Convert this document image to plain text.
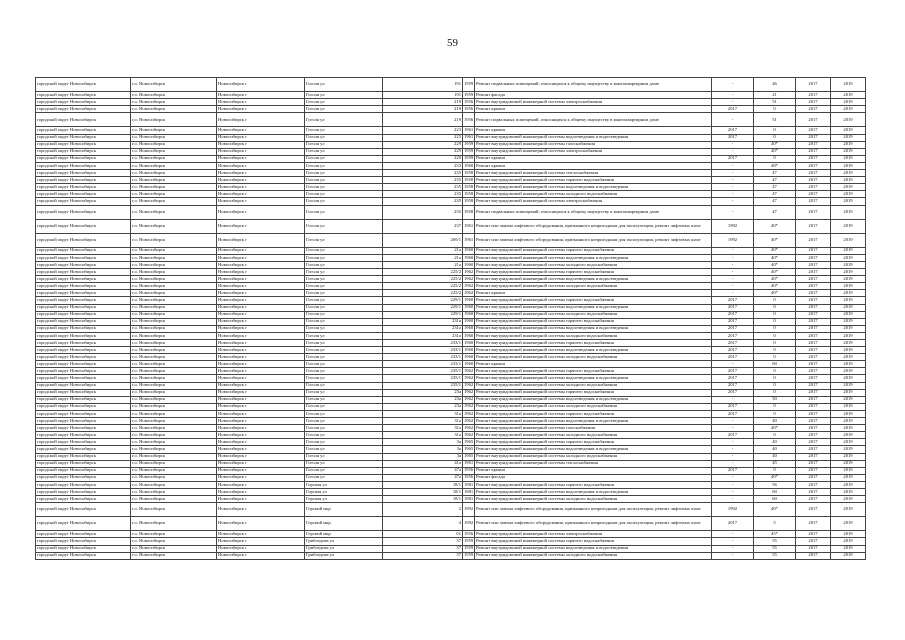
59
городской округ Новосибирск	г.о. Новосибирск	Новосибирск г	Гоголя ул	191	1959	Ремонт подвальных помещений, относящихся к общему имуществу в многоквартирном доме	-	46	2017	2019
городской округ Новосибирск	г.о. Новосибирск	Новосибирск г	Гоголя ул	191	1959	Ремонт фасада	-	21	2017	2019
городской округ Новосибирск	г.о. Новосибирск	Новосибирск г	Гоголя ул	219	1956	Ремонт внутридомовой инженерной системы электроснабжения	-	51	2017	2019
городской округ Новосибирск	г.о. Новосибирск	Новосибирск г	Гоголя ул	219	1956	Ремонт крыши	2017	0	2017	2019
городской округ Новосибирск	г.о. Новосибирск	Новосибирск г	Гоголя ул	219	1956	Ремонт подвальных помещений, относящихся к общему имуществу в многоквартирном доме	-	51	2017	2019
городской округ Новосибирск	г.о. Новосибирск	Новосибирск г	Гоголя ул	223	1961	Ремонт крыши	2017	0	2017	2019
городской округ Новосибирск	г.о. Новосибирск	Новосибирск г	Гоголя ул	225	1961	Ремонт внутридомовой инженерной системы водоотведения и водоотведения	2017	0	2017	2019
городской округ Новосибирск	г.о. Новосибирск	Новосибирск г	Гоголя ул	229	1959	Ремонт внутридомовой инженерной системы газоснабжения	-	40*	2017	2019
городской округ Новосибирск	г.о. Новосибирск	Новосибирск г	Гоголя ул	229	1959	Ремонт внутридомовой инженерной системы электроснабжения	-	40*	2017	2019
городской округ Новосибирск	г.о. Новосибирск	Новосибирск г	Гоголя ул	229	1959	Ремонт крыши	2017	0	2017	2019
городской округ Новосибирск	г.о. Новосибирск	Новосибирск г	Гоголя ул	233	1960	Ремонт крыши	-	48*	2017	2019
городской округ Новосибирск	г.о. Новосибирск	Новосибирск г	Гоголя ул	235	1958	Ремонт внутридомовой инженерной системы теплоснабжения	-	47	2017	2019
городской округ Новосибирск	г.о. Новосибирск	Новосибирск г	Гоголя ул	235	1958	Ремонт внутридомовой инженерной системы горячего водоснабжения	-	47	2017	2019
городской округ Новосибирск	г.о. Новосибирск	Новосибирск г	Гоголя ул	235	1958	Ремонт внутридомовой инженерной системы водоотведения и водоотведения	-	47	2017	2019
городской округ Новосибирск	г.о. Новосибирск	Новосибирск г	Гоголя ул	235	1958	Ремонт внутридомовой инженерной системы холодного водоснабжения	-	47	2017	2019
городской округ Новосибирск	г.о. Новосибирск	Новосибирск г	Гоголя ул	235	1958	Ремонт внутридомовой инженерной системы электроснабжения	-	47	2017	2019
городской округ Новосибирск	г.о. Новосибирск	Новосибирск г	Гоголя ул	235	1958	Ремонт подвальных помещений, относящихся к общему имуществу в многоквартирном доме	-	47	2017	2019
городской округ Новосибирск	г.о. Новосибирск	Новосибирск г	Гоголя ул	237	1961	Ремонт или замена лифтового оборудования, признанного непригодным для эксплуатации, ремонт лифтовых шахт	1992	40*	2017	2019
городской округ Новосибирск	г.о. Новосибирск	Новосибирск г	Гоголя ул	20б/1	1961	Ремонт или замена лифтового оборудования, признанного непригодным для эксплуатации, ремонт лифтовых шахт	1992	40*	2017	2019
городской округ Новосибирск	г.о. Новосибирск	Новосибирск г	Гоголя ул	21а	1960	Ремонт внутридомовой инженерной системы горячего водоснабжения	-	40*	2017	2019
городской округ Новосибирск	г.о. Новосибирск	Новосибирск г	Гоголя ул	21а	1960	Ремонт внутридомовой инженерной системы водоотведения и водоотведения	-	40*	2017	2019
городской округ Новосибирск	г.о. Новосибирск	Новосибирск г	Гоголя ул	21а	1960	Ремонт внутридомовой инженерной системы холодного водоснабжения	-	40*	2017	2019
городской округ Новосибирск	г.о. Новосибирск	Новосибирск г	Гоголя ул	225/2	1962	Ремонт внутридомовой инженерной системы горячего водоснабжения	-	40*	2017	2019
городской округ Новосибирск	г.о. Новосибирск	Новосибирск г	Гоголя ул	225/2	1962	Ремонт внутридомовой инженерной системы водоотведения и водоотведения	-	40*	2017	2019
городской округ Новосибирск	г.о. Новосибирск	Новосибирск г	Гоголя ул	225/2	1962	Ремонт внутридомовой инженерной системы холодного водоснабжения	-	40*	2017	2019
городской округ Новосибирск	г.о. Новосибирск	Новосибирск г	Гоголя ул	225/2	1962	Ремонт крыши	-	40*	2017	2019
городской округ Новосибирск	г.о. Новосибирск	Новосибирск г	Гоголя ул	229/1	1960	Ремонт внутридомовой инженерной системы горячего водоснабжения	2017	0	2017	2019
городской округ Новосибирск	г.о. Новосибирск	Новосибирск г	Гоголя ул	229/1	1960	Ремонт внутридомовой инженерной системы водоотведения и водоотведения	2017	0	2017	2019
городской округ Новосибирск	г.о. Новосибирск	Новосибирск г	Гоголя ул	229/1	1960	Ремонт внутридомовой инженерной системы холодного водоснабжения	2017	0	2017	2019
городской округ Новосибирск	г.о. Новосибирск	Новосибирск г	Гоголя ул	231а	1960	Ремонт внутридомовой инженерной системы горячего водоснабжения	2017	0	2017	2019
городской округ Новосибирск	г.о. Новосибирск	Новосибирск г	Гоголя ул	231а	1960	Ремонт внутридомовой инженерной системы водоотведения и водоотведения	2017	0	2017	2019
городской округ Новосибирск	г.о. Новосибирск	Новосибирск г	Гоголя ул	231а	1960	Ремонт внутридомовой инженерной системы холодного водоснабжения	2017	0	2017	2019
городской округ Новосибирск	г.о. Новосибирск	Новосибирск г	Гоголя ул	233/1	1960	Ремонт внутридомовой инженерной системы горячего водоснабжения	2017	0	2017	2019
городской округ Новосибирск	г.о. Новосибирск	Новосибирск г	Гоголя ул	233/1	1960	Ремонт внутридомовой инженерной системы водоотведения и водоотведения	2017	0	2017	2019
городской округ Новосибирск	г.о. Новосибирск	Новосибирск г	Гоголя ул	233/1	1960	Ремонт внутридомовой инженерной системы холодного водоснабжения	2017	0	2017	2019
городской округ Новосибирск	г.о. Новосибирск	Новосибирск г	Гоголя ул	233/1	1960	Ремонт крыши	-	60	2017	2019
городской округ Новосибирск	г.о. Новосибирск	Новосибирск г	Гоголя ул	235/1	1962	Ремонт внутридомовой инженерной системы горячего водоснабжения	2017	0	2017	2019
городской округ Новосибирск	г.о. Новосибирск	Новосибирск г	Гоголя ул	235/1	1962	Ремонт внутридомовой инженерной системы водоотведения и водоотведения	2017	0	2017	2019
городской округ Новосибирск	г.о. Новосибирск	Новосибирск г	Гоголя ул	235/1	1962	Ремонт внутридомовой инженерной системы холодного водоснабжения	2017	0	2017	2019
городской округ Новосибирск	г.о. Новосибирск	Новосибирск г	Гоголя ул	23а	1962	Ремонт внутридомовой инженерной системы горячего водоснабжения	2017	0	2017	2019
городской округ Новосибирск	г.о. Новосибирск	Новосибирск г	Гоголя ул	23а	1962	Ремонт внутридомовой инженерной системы водоотведения и водоотведения	-	50	2017	2019
городской округ Новосибирск	г.о. Новосибирск	Новосибирск г	Гоголя ул	23а	1962	Ремонт внутридомовой инженерной системы холодного водоснабжения	2017	0	2017	2019
городской округ Новосибирск	г.о. Новосибирск	Новосибирск г	Гоголя ул	31а	1962	Ремонт внутридомовой инженерной системы горячего водоснабжения	2017	0	2017	2019
городской округ Новосибирск	г.о. Новосибирск	Новосибирск г	Гоголя ул	31а	1962	Ремонт внутридомовой инженерной системы водоотведения и водоотведения	-	40	2017	2019
городской округ Новосибирск	г.о. Новосибирск	Новосибирск г	Гоголя ул	31а	1962	Ремонт внутридомовой инженерной системы газоснабжения	-	40*	2017	2019
городской округ Новосибирск	г.о. Новосибирск	Новосибирск г	Гоголя ул	31а	1962	Ремонт внутридомовой инженерной системы холодного водоснабжения	2017	0	2017	2019
городской округ Новосибирск	г.о. Новосибирск	Новосибирск г	Гоголя ул	3а	1965	Ремонт внутридомовой инженерной системы горячего водоснабжения	-	40	2017	2019
городской округ Новосибирск	г.о. Новосибирск	Новосибирск г	Гоголя ул	3а	1965	Ремонт внутридомовой инженерной системы водоотведения и водоотведения	-	40	2017	2019
городской округ Новосибирск	г.о. Новосибирск	Новосибирск г	Гоголя ул	3а	1965	Ремонт внутридомовой инженерной системы холодного водоснабжения	-	40	2017	2019
городской округ Новосибирск	г.о. Новосибирск	Новосибирск г	Гоголя ул	41а	1961	Ремонт внутридомовой инженерной системы теплоснабжения	-	45	2017	2019
городской округ Новосибирск	г.о. Новосибирск	Новосибирск г	Гоголя ул	47а	1956	Ремонт крыши	2017	0	2017	2019
городской округ Новосибирск	г.о. Новосибирск	Новосибирск г	Гоголя ул	47а	1956	Ремонт фасада	-	40*	2017	2019
городской округ Новосибирск	г.о. Новосибирск	Новосибирск г	Горская ул	18/1	1981	Ремонт внутридомовой инженерной системы горячего водоснабжения	-	56	2017	2019
городской округ Новосибирск	г.о. Новосибирск	Новосибирск г	Горская ул	18/1	1981	Ремонт внутридомовой инженерной системы водоотведения и водоотведения	-	60	2017	2019
городской округ Новосибирск	г.о. Новосибирск	Новосибирск г	Горская ул	18/1	1981	Ремонт внутридомовой инженерной системы холодного водоснабжения	-	60	2017	2019
городской округ Новосибирск	г.о. Новосибирск	Новосибирск г	Горский мкр	2	1992	Ремонт или замена лифтового оборудования, признанного непригодным для эксплуатации, ремонт лифтовых шахт	1992	40*	2017	2019
городской округ Новосибирск	г.о. Новосибирск	Новосибирск г	Горский мкр	4	1992	Ремонт или замена лифтового оборудования, признанного непригодным для эксплуатации, ремонт лифтовых шахт	2017	5	2017	2019
городской округ Новосибирск	г.о. Новосибирск	Новосибирск г	Горский мкр	61	1956	Ремонт внутридомовой инженерной системы электроснабжения	-	45*	2017	2019
городской округ Новосибирск	г.о. Новосибирск	Новосибирск г	Грибоедова ул	37	1959	Ремонт внутридомовой инженерной системы горячего водоснабжения	-	55	2017	2019
городской округ Новосибирск	г.о. Новосибирск	Новосибирск г	Грибоедова ул	37	1959	Ремонт внутридомовой инженерной системы водоотведения и водоотведения	-	55	2017	2019
городской округ Новосибирск	г.о. Новосибирск	Новосибирск г	Грибоедова ул	37	1959	Ремонт внутридомовой инженерной системы холодного водоснабжения	-	55	2017	2019
